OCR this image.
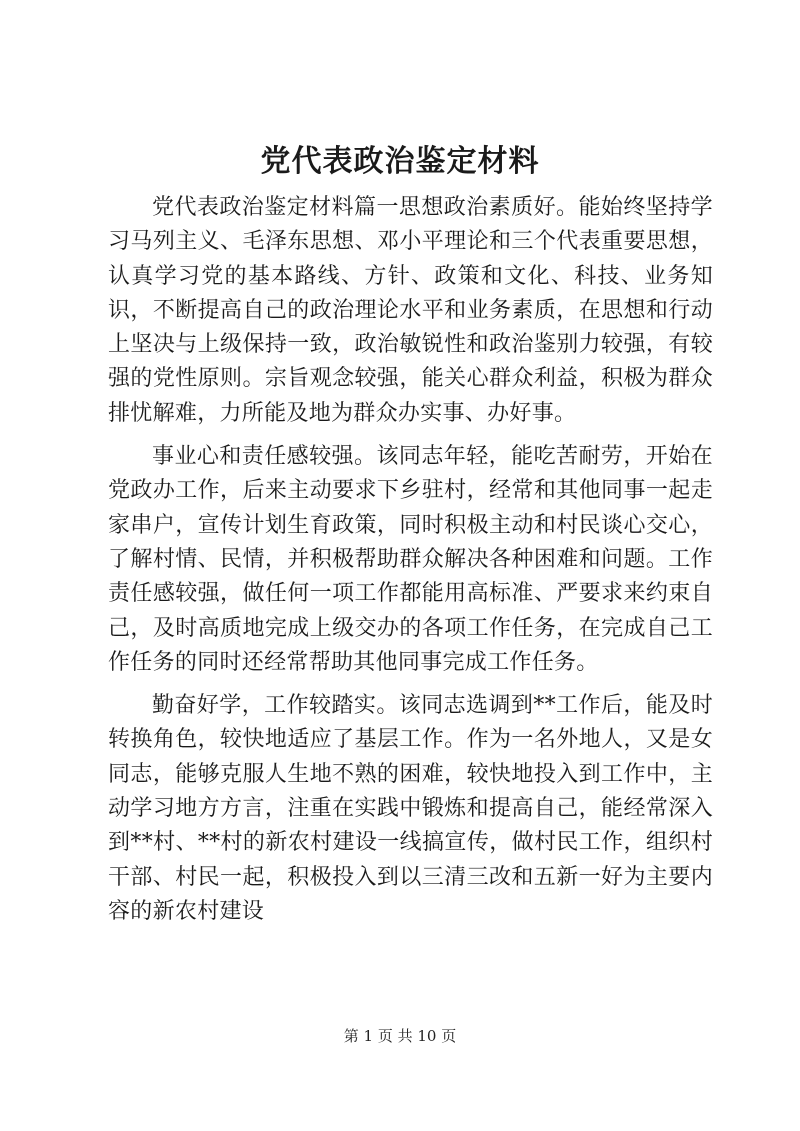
党代表政治鉴定材料

党代表政治鉴定材料篇一思想政治素质好。能始终坚持学习马列主义、毛泽东思想、邓小平理论和三个代表重要思想，认真学习党的基本路线、方针、政策和文化、科技、业务知识，不断提高自己的政治理论水平和业务素质，在思想和行动上坚决与上级保持一致，政治敏锐性和政治鉴别力较强，有较强的党性原则。宗旨观念较强，能关心群众利益，积极为群众排忧解难，力所能及地为群众办实事、办好事。

事业心和责任感较强。该同志年轻，能吃苦耐劳，开始在党政办工作，后来主动要求下乡驻村，经常和其他同事一起走家串户，宣传计划生育政策，同时积极主动和村民谈心交心，了解村情、民情，并积极帮助群众解决各种困难和问题。工作责任感较强，做任何一项工作都能用高标准、严要求来约束自己，及时高质地完成上级交办的各项工作任务，在完成自己工作任务的同时还经常帮助其他同事完成工作任务。

勤奋好学，工作较踏实。该同志选调到**工作后，能及时转换角色，较快地适应了基层工作。作为一名外地人，又是女同志，能够克服人生地不熟的困难，较快地投入到工作中，主动学习地方方言，注重在实践中锻炼和提高自己，能经常深入到**村、**村的新农村建设一线搞宣传，做村民工作，组织村干部、村民一起，积极投入到以三清三改和五新一好为主要内容的新农村建设

第 1 页 共 10 页
